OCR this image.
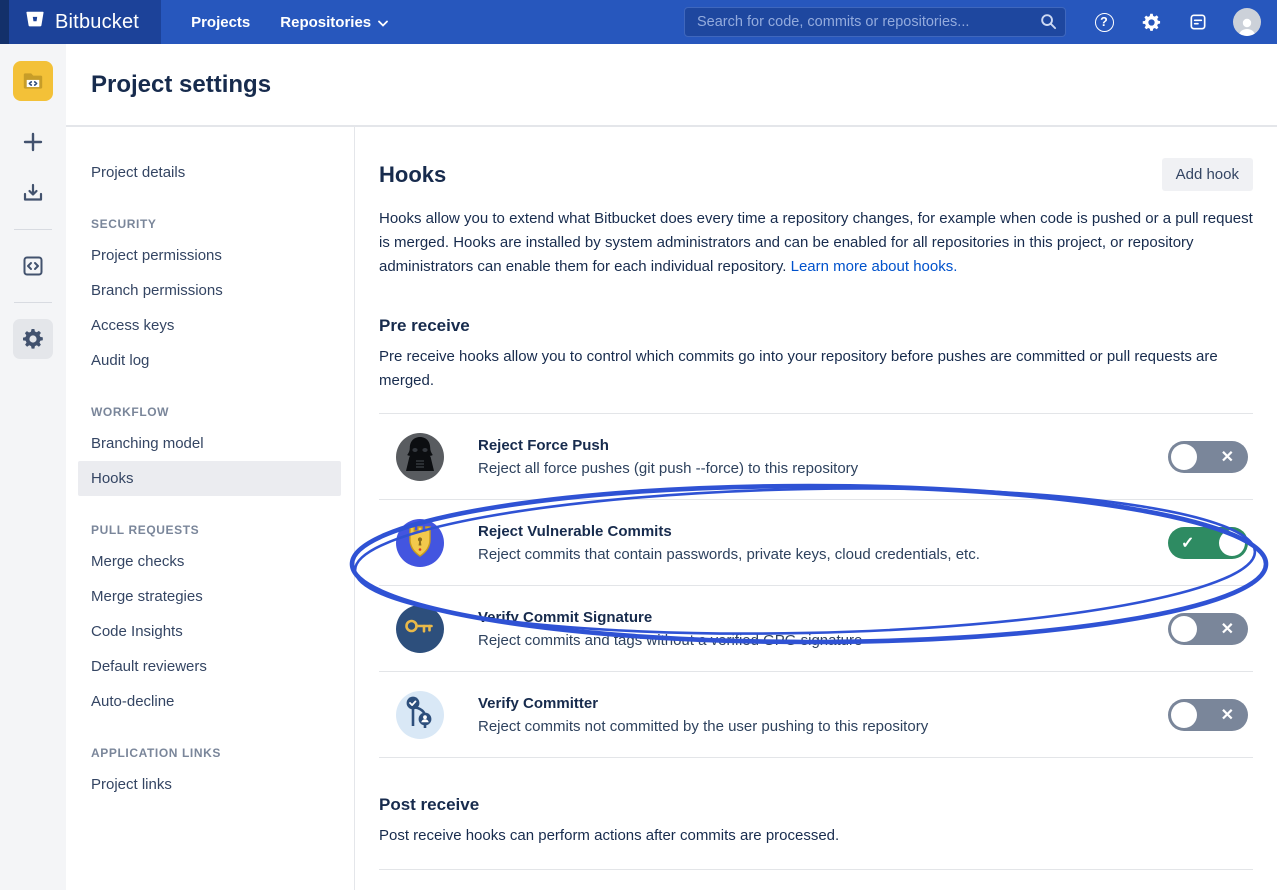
Bitbucket	Projects Repositories
Search for code, commits or repositories...	?
Project settings
Project details
SECURITY
Project permissions
Branch permissions
Access keys
Audit log
WORKFLOW
Branching model
Hooks
PULL REQUESTS
Merge checks
Merge strategies
Code Insights
Default reviewers
Auto-decline
APPLICATION LINKS
Project links
Hooks	Add hook

Hooks allow you to extend what Bitbucket does every time a repository changes, for example when code is pushed or a pull request is merged. Hooks are installed by system administrators and can be enabled for all repositories in this project, or repository administrators can enable them for each individual repository. Learn more about hooks.

Pre receive

Pre receive hooks allow you to control which commits go into your repository before pushes are committed or pull requests are merged.

Reject Force Push
Reject all force pushes (git push --force) to this repository
✕
Reject Vulnerable Commits
Reject commits that contain passwords, private keys, cloud credentials, etc.
✓
Verify Commit Signature
Reject commits and tags without a verified GPG signature
✕
Verify Committer
Reject commits not committed by the user pushing to this repository
✕
Post receive

Post receive hooks can perform actions after commits are processed.
